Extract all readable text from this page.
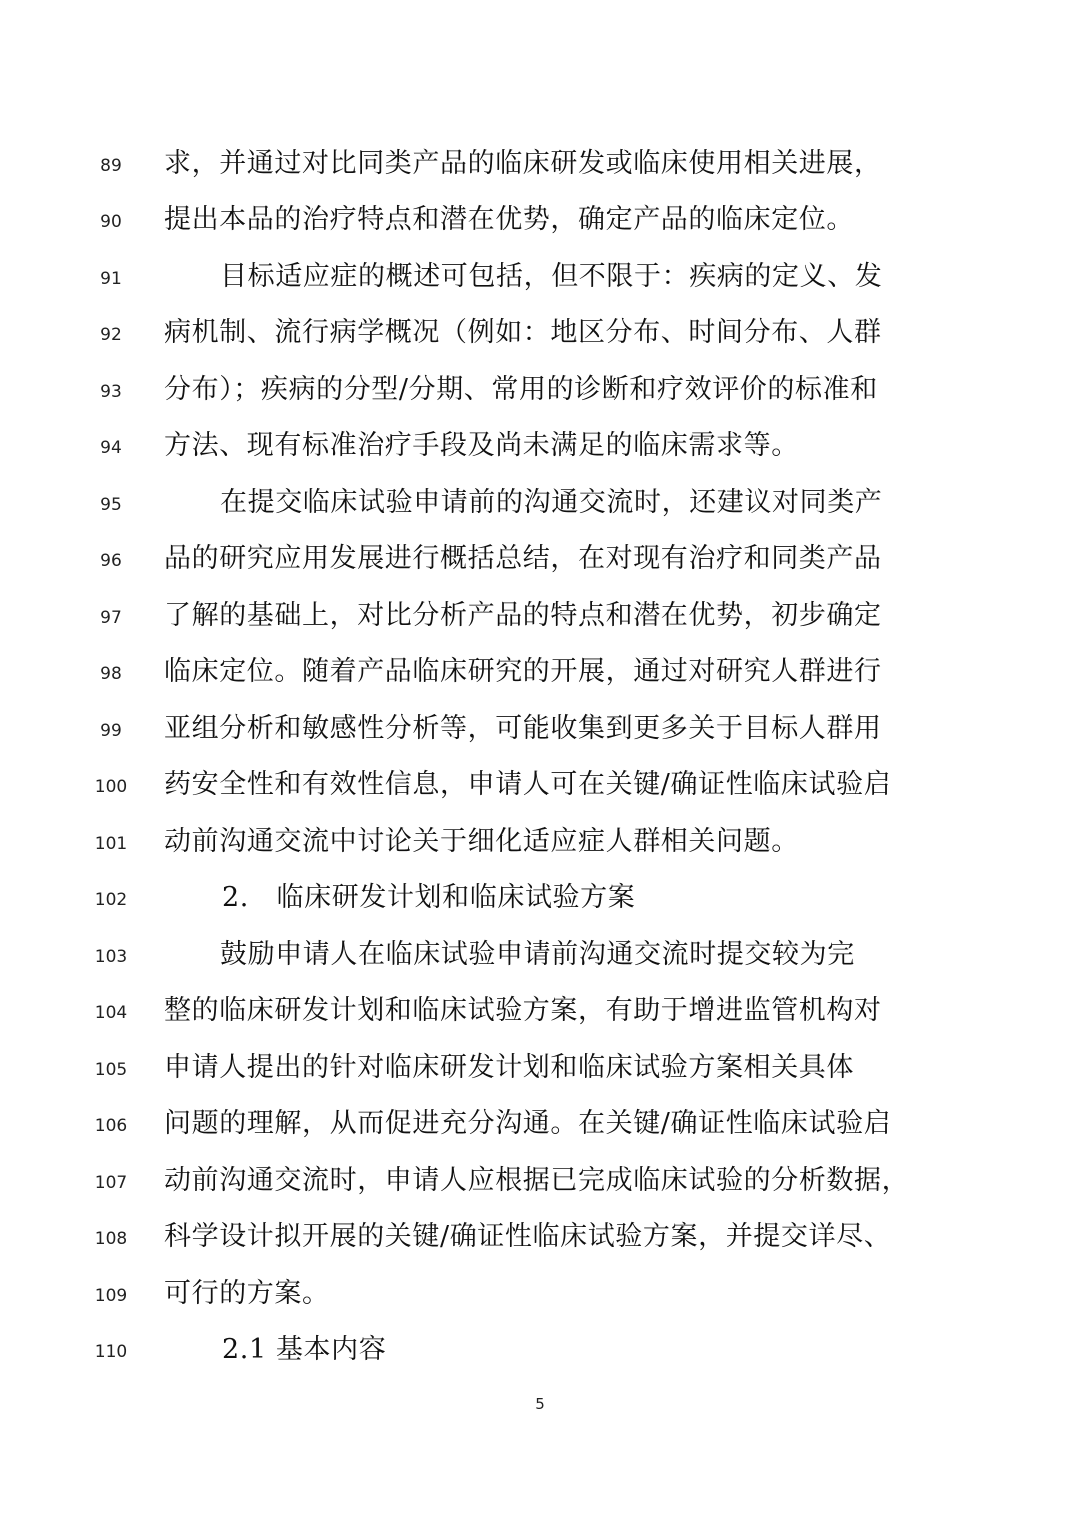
89	求，并通过对比同类产品的临床研发或临床使用相关进展，
90	提出本品的治疗特点和潜在优势，确定产品的临床定位。
91	目标适应症的概述可包括，但不限于：疾病的定义、发
92	病机制、流行病学概况（例如：地区分布、时间分布、人群
93	分布）；疾病的分型/分期、常用的诊断和疗效评价的标准和
94	方法、现有标准治疗手段及尚未满足的临床需求等。
95	在提交临床试验申请前的沟通交流时，还建议对同类产
96	品的研究应用发展进行概括总结，在对现有治疗和同类产品
97	了解的基础上，对比分析产品的特点和潜在优势，初步确定
98	临床定位。随着产品临床研究的开展，通过对研究人群进行
99	亚组分析和敏感性分析等，可能收集到更多关于目标人群用
100	药安全性和有效性信息，申请人可在关键/确证性临床试验启
101	动前沟通交流中讨论关于细化适应症人群相关问题。
102	2.　临床研发计划和临床试验方案
103	鼓励申请人在临床试验申请前沟通交流时提交较为完
104	整的临床研发计划和临床试验方案，有助于增进监管机构对
105	申请人提出的针对临床研发计划和临床试验方案相关具体
106	问题的理解，从而促进充分沟通。在关键/确证性临床试验启
107	动前沟通交流时，申请人应根据已完成临床试验的分析数据，
108	科学设计拟开展的关键/确证性临床试验方案，并提交详尽、
109	可行的方案。
110	2.1 基本内容
5
